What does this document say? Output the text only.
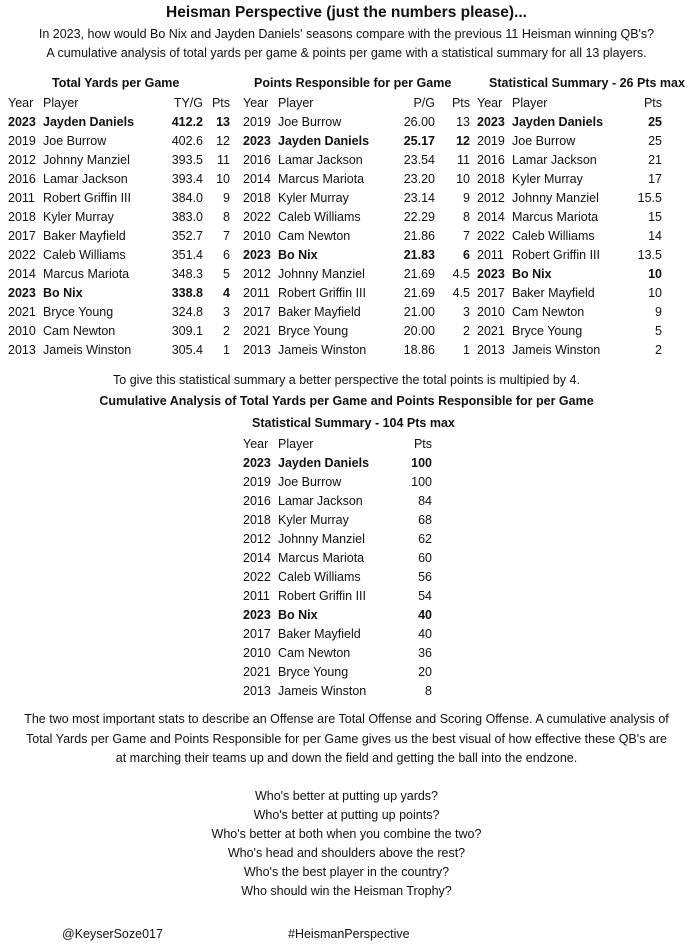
Heisman Perspective (just the numbers please)...
In 2023, how would Bo Nix and Jayden Daniels' seasons compare with the previous 11 Heisman winning QB's?
A cumulative analysis of total yards per game & points per game with a statistical summary for all 13 players.
Total Yards per Game
Year	Player	TY/G	Pts
2023	Jayden Daniels	412.2	13
2019	Joe Burrow	402.6	12
2012	Johnny Manziel	393.5	11
2016	Lamar Jackson	393.4	10
2011	Robert Griffin III	384.0	9
2018	Kyler Murray	383.0	8
2017	Baker Mayfield	352.7	7
2022	Caleb Williams	351.4	6
2014	Marcus Mariota	348.3	5
2023	Bo Nix	338.8	4
2021	Bryce Young	324.8	3
2010	Cam Newton	309.1	2
2013	Jameis Winston	305.4	1
Points Responsible for per Game
Year	Player	P/G	Pts
2019	Joe Burrow	26.00	13
2023	Jayden Daniels	25.17	12
2016	Lamar Jackson	23.54	11
2014	Marcus Mariota	23.20	10
2018	Kyler Murray	23.14	9
2022	Caleb Williams	22.29	8
2010	Cam Newton	21.86	7
2023	Bo Nix	21.83	6
2012	Johnny Manziel	21.69	4.5
2011	Robert Griffin III	21.69	4.5
2017	Baker Mayfield	21.00	3
2021	Bryce Young	20.00	2
2013	Jameis Winston	18.86	1
Statistical Summary - 26 Pts max
Year	Player	Pts
2023	Jayden Daniels	25
2019	Joe Burrow	25
2016	Lamar Jackson	21
2018	Kyler Murray	17
2012	Johnny Manziel	15.5
2014	Marcus Mariota	15
2022	Caleb Williams	14
2011	Robert Griffin III	13.5
2023	Bo Nix	10
2017	Baker Mayfield	10
2010	Cam Newton	9
2021	Bryce Young	5
2013	Jameis Winston	2
To give this statistical summary a better perspective the total points is multipied by 4.
Cumulative Analysis of Total Yards per Game and Points Responsible for per Game
Statistical Summary - 104 Pts max
Year	Player	Pts
2023	Jayden Daniels	100
2019	Joe Burrow	100
2016	Lamar Jackson	84
2018	Kyler Murray	68
2012	Johnny Manziel	62
2014	Marcus Mariota	60
2022	Caleb Williams	56
2011	Robert Griffin III	54
2023	Bo Nix	40
2017	Baker Mayfield	40
2010	Cam Newton	36
2021	Bryce Young	20
2013	Jameis Winston	8
The two most important stats to describe an Offense are Total Offense and Scoring Offense. A cumulative analysis of
Total Yards per Game and Points Responsible for per Game gives us the best visual of how effective these QB's are
at marching their teams up and down the field and getting the ball into the endzone.
Who's better at putting up yards?
Who's better at putting up points?
Who's better at both when you combine the two?
Who's head and shoulders above the rest?
Who's the best player in the country?
Who should win the Heisman Trophy?
@KeyserSoze017	#HeismanPerspective
